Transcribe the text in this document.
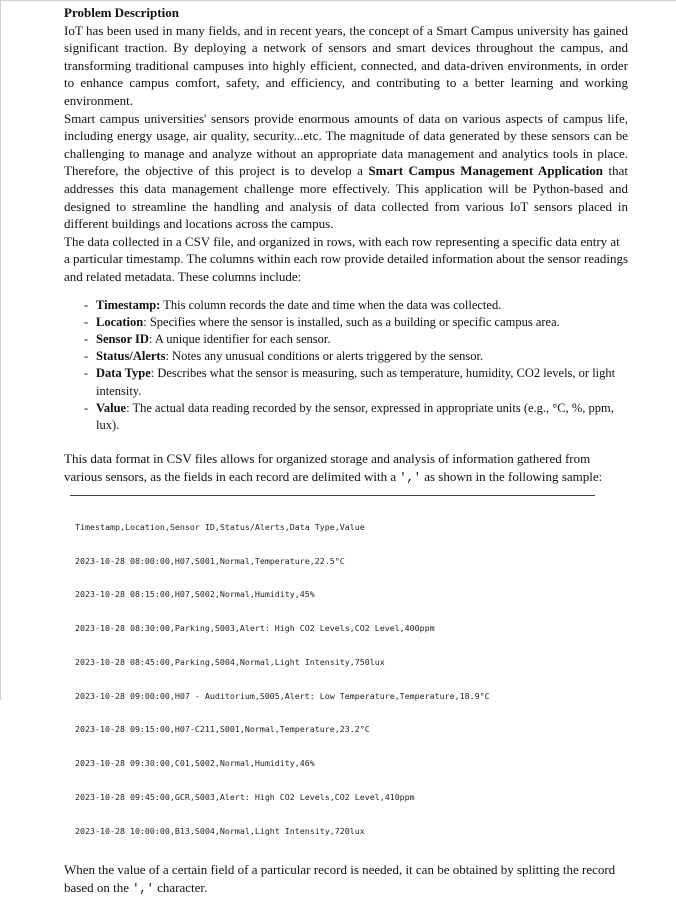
Problem Description

IoT has been used in many fields, and in recent years, the concept of a Smart Campus university has gained significant traction. By deploying a network of sensors and smart devices throughout the campus, and transforming traditional campuses into highly efficient, connected, and data-driven environments, in order to enhance campus comfort, safety, and efficiency, and contributing to a better learning and working environment.

Smart campus universities' sensors provide enormous amounts of data on various aspects of campus life, including energy usage, air quality, security...etc. The magnitude of data generated by these sensors can be challenging to manage and analyze without an appropriate data management and analytics tools in place. Therefore, the objective of this project is to develop a Smart Campus Management Application that addresses this data management challenge more effectively. This application will be Python-based and designed to streamline the handling and analysis of data collected from various IoT sensors placed in different buildings and locations across the campus.

The data collected in a CSV file, and organized in rows, with each row representing a specific data entry at a particular timestamp. The columns within each row provide detailed information about the sensor readings and related metadata. These columns include:

- Timestamp: This column records the date and time when the data was collected.
- Location: Specifies where the sensor is installed, such as a building or specific campus area.
- Sensor ID: A unique identifier for each sensor.
- Status/Alerts: Notes any unusual conditions or alerts triggered by the sensor.
- Data Type: Describes what the sensor is measuring, such as temperature, humidity, CO2 levels, or light intensity.
- Value: The actual data reading recorded by the sensor, expressed in appropriate units (e.g., °C, %, ppm, lux).

This data format in CSV files allows for organized storage and analysis of information gathered from various sensors, as the fields in each record are delimited with a ',' as shown in the following sample:

Timestamp,Location,Sensor ID,Status/Alerts,Data Type,Value

2023-10-28 08:00:00,H07,S001,Normal,Temperature,22.5°C

2023-10-28 08:15:00,H07,S002,Normal,Humidity,45%

2023-10-28 08:30:00,Parking,S003,Alert: High CO2 Levels,CO2 Level,400ppm

2023-10-28 08:45:00,Parking,S004,Normal,Light Intensity,750lux

2023-10-28 09:00:00,H07 - Auditorium,S005,Alert: Low Temperature,Temperature,18.9°C

2023-10-28 09:15:00,H07-C211,S001,Normal,Temperature,23.2°C

2023-10-28 09:30:00,C01,S002,Normal,Humidity,46%

2023-10-28 09:45:00,GCR,S003,Alert: High CO2 Levels,CO2 Level,410ppm

2023-10-28 10:00:00,B13,S004,Normal,Light Intensity,720lux

When the value of a certain field of a particular record is needed, it can be obtained by splitting the record based on the ',' character.
